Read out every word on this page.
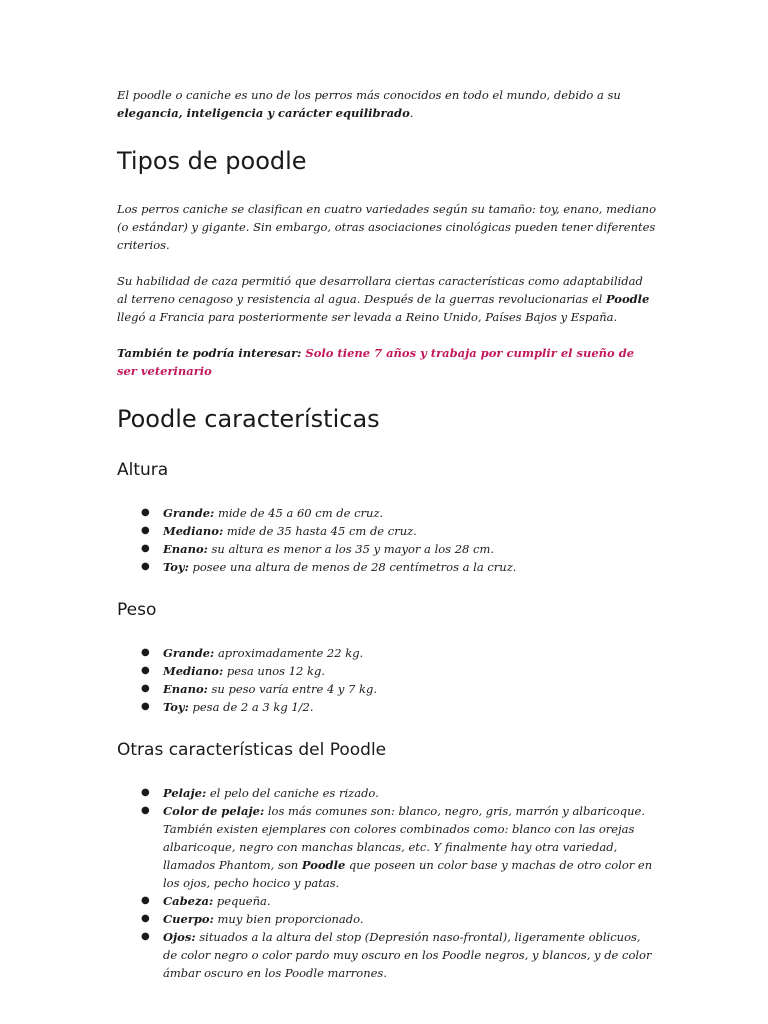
El poodle o caniche es uno de los perros más conocidos en todo el mundo, debido a su elegancia, inteligencia y carácter equilibrado.

Tipos de poodle

Los perros caniche se clasifican en cuatro variedades según su tamaño: toy, enano, mediano (o estándar) y gigante. Sin embargo, otras asociaciones cinológicas pueden tener diferentes criterios.

Su habilidad de caza permitió que desarrollara ciertas características como adaptabilidad al terreno cenagoso y resistencia al agua. Después de la guerras revolucionarias el Poodle llegó a Francia para posteriormente ser levada a Reino Unido, Países Bajos y España.

También te podría interesar: Solo tiene 7 años y trabaja por cumplir el sueño de ser veterinario

Poodle características
Altura
● Grande: mide de 45 a 60 cm de cruz.
● Mediano: mide de 35 hasta 45 cm de cruz.
● Enano: su altura es menor a los 35 y mayor a los 28 cm.
● Toy: posee una altura de menos de 28 centímetros a la cruz.
Peso
● Grande: aproximadamente 22 kg.
● Mediano: pesa unos 12 kg.
● Enano: su peso varía entre 4 y 7 kg.
● Toy: pesa de 2 a 3 kg 1/2.
Otras características del Poodle
● Pelaje: el pelo del caniche es rizado.
● Color de pelaje: los más comunes son: blanco, negro, gris, marrón y albaricoque. También existen ejemplares con colores combinados como: blanco con las orejas albaricoque, negro con manchas blancas, etc. Y finalmente hay otra variedad, llamados Phantom, son Poodle que poseen un color base y machas de otro color en los ojos, pecho hocico y patas.
● Cabeza: pequeña.
● Cuerpo: muy bien proporcionado.
● Ojos: situados a la altura del stop (Depresión naso-frontal), ligeramente oblicuos, de color negro o color pardo muy oscuro en los Poodle negros, y blancos, y de color ámbar oscuro en los Poodle marrones.
